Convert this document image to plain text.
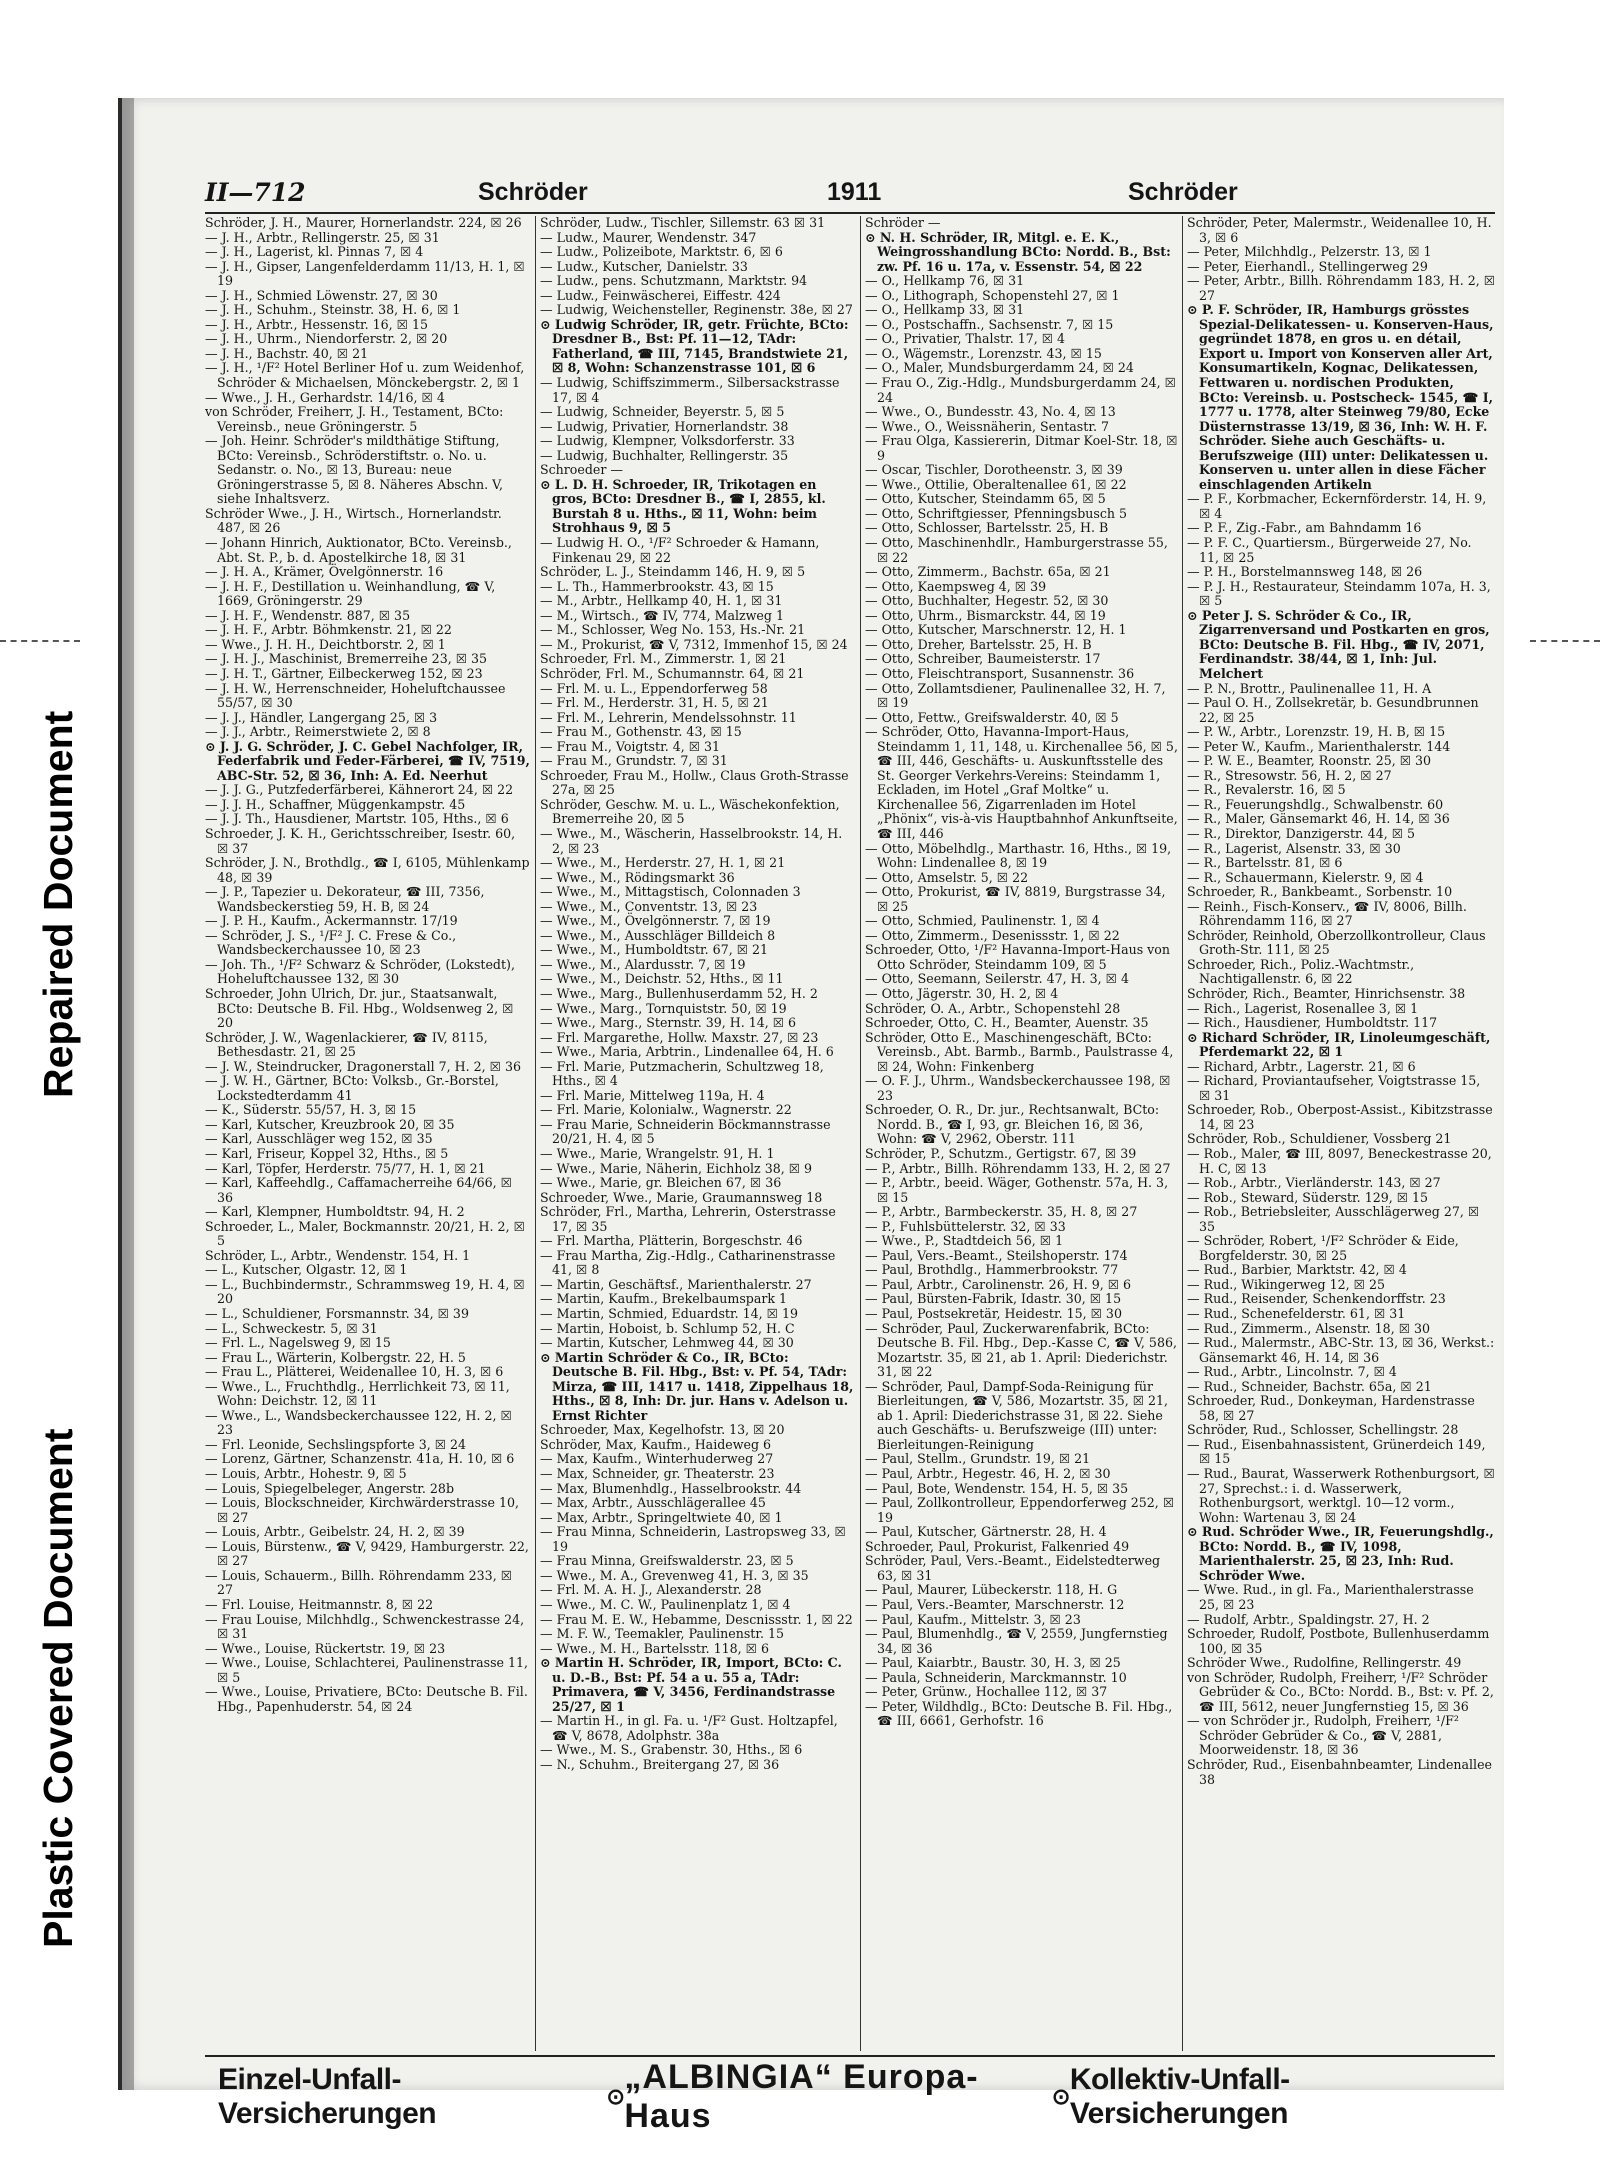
Repaired Document
Plastic Covered Document
II—712	Schröder	1911	Schröder
Schröder, J. H., Maurer, Hornerlandstr. 224, ☒ 26
— J. H., Arbtr., Rellingerstr. 25, ☒ 31
— J. H., Lagerist, kl. Pinnas 7, ☒ 4
— J. H., Gipser, Langenfelderdamm 11/13, H. 1, ☒ 19
— J. H., Schmied Löwenstr. 27, ☒ 30
— J. H., Schuhm., Steinstr. 38, H. 6, ☒ 1
— J. H., Arbtr., Hessenstr. 16, ☒ 15
— J. H., Uhrm., Niendorferstr. 2, ☒ 20
— J. H., Bachstr. 40, ☒ 21
— J. H., ¹/F² Hotel Berliner Hof u. zum Weidenhof, Schröder & Michaelsen, Mönckebergstr. 2, ☒ 1
— Wwe., J. H., Gerhardstr. 14/16, ☒ 4
von Schröder, Freiherr, J. H., Testament, BCto: Vereinsb., neue Gröningerstr. 5
— Joh. Heinr. Schröder's mildthätige Stiftung, BCto: Vereinsb., Schröderstiftstr. o. No. u. Sedanstr. o. No., ☒ 13, Bureau: neue Gröningerstrasse 5, ☒ 8. Näheres Abschn. V, siehe Inhaltsverz.
Schröder Wwe., J. H., Wirtsch., Hornerlandstr. 487, ☒ 26
— Johann Hinrich, Auktionator, BCto. Vereinsb., Abt. St. P., b. d. Apostelkirche 18, ☒ 31
— J. H. A., Krämer, Övelgönnerstr. 16
— J. H. F., Destillation u. Weinhandlung, ☎ V, 1669, Gröningerstr. 29
— J. H. F., Wendenstr. 887, ☒ 35
— J. H. F., Arbtr. Böhmkenstr. 21, ☒ 22
— Wwe., J. H. H., Deichtborstr. 2, ☒ 1
— J. H. J., Maschinist, Bremerreihe 23, ☒ 35
— J. H. T., Gärtner, Eilbeckerweg 152, ☒ 23
— J. H. W., Herrenschneider, Hoheluftchaussee 55/57, ☒ 30
— J. J., Händler, Langergang 25, ☒ 3
— J. J., Arbtr., Reimerstwiete 2, ☒ 8
⊙ J. J. G. Schröder, J. C. Gebel Nachfolger, IR, Federfabrik und Feder-Färberei, ☎ IV, 7519, ABC-Str. 52, ☒ 36, Inh: A. Ed. Neerhut
— J. J. G., Putzfederfärberei, Kähnerort 24, ☒ 22
— J. J. H., Schaffner, Müggenkampstr. 45
— J. J. Th., Hausdiener, Martstr. 105, Hths., ☒ 6
Schroeder, J. K. H., Gerichtsschreiber, Isestr. 60, ☒ 37
Schröder, J. N., Brothdlg., ☎ I, 6105, Mühlenkamp 48, ☒ 39
— J. P., Tapezier u. Dekorateur, ☎ III, 7356, Wandsbeckerstieg 59, H. B, ☒ 24
— J. P. H., Kaufm., Ackermannstr. 17/19
— Schröder, J. S., ¹/F² J. C. Frese & Co., Wandsbeckerchaussee 10, ☒ 23
— Joh. Th., ¹/F² Schwarz & Schröder, (Lokstedt), Hoheluftchaussee 132, ☒ 30
Schroeder, John Ulrich, Dr. jur., Staatsanwalt, BCto: Deutsche B. Fil. Hbg., Woldsenweg 2, ☒ 20
Schröder, J. W., Wagenlackierer, ☎ IV, 8115, Bethesdastr. 21, ☒ 25
— J. W., Steindrucker, Dragonerstall 7, H. 2, ☒ 36
— J. W. H., Gärtner, BCto: Volksb., Gr.-Borstel, Lockstedterdamm 41
— K., Süderstr. 55/57, H. 3, ☒ 15
— Karl, Kutscher, Kreuzbrook 20, ☒ 35
— Karl, Ausschläger weg 152, ☒ 35
— Karl, Friseur, Koppel 32, Hths., ☒ 5
— Karl, Töpfer, Herderstr. 75/77, H. 1, ☒ 21
— Karl, Kaffeehdlg., Caffamacherreihe 64/66, ☒ 36
— Karl, Klempner, Humboldtstr. 94, H. 2
Schroeder, L., Maler, Bockmannstr. 20/21, H. 2, ☒ 5
Schröder, L., Arbtr., Wendenstr. 154, H. 1
— L., Kutscher, Olgastr. 12, ☒ 1
— L., Buchbindermstr., Schrammsweg 19, H. 4, ☒ 20
— L., Schuldiener, Forsmannstr. 34, ☒ 39
— L., Schweckestr. 5, ☒ 31
— Frl. L., Nagelsweg 9, ☒ 15
— Frau L., Wärterin, Kolbergstr. 22, H. 5
— Frau L., Plätterei, Weidenallee 10, H. 3, ☒ 6
— Wwe., L., Fruchthdlg., Herrlichkeit 73, ☒ 11, Wohn: Deichstr. 12, ☒ 11
— Wwe., L., Wandsbeckerchaussee 122, H. 2, ☒ 23
— Frl. Leonide, Sechslingspforte 3, ☒ 24
— Lorenz, Gärtner, Schanzenstr. 41a, H. 10, ☒ 6
— Louis, Arbtr., Hohestr. 9, ☒ 5
— Louis, Spiegelbeleger, Angerstr. 28b
— Louis, Blockschneider, Kirchwärderstrasse 10, ☒ 27
— Louis, Arbtr., Geibelstr. 24, H. 2, ☒ 39
— Louis, Bürstenw., ☎ V, 9429, Hamburgerstr. 22, ☒ 27
— Louis, Schauerm., Billh. Röhrendamm 233, ☒ 27
— Frl. Louise, Heitmannstr. 8, ☒ 22
— Frau Louise, Milchhdlg., Schwenckestrasse 24, ☒ 31
— Wwe., Louise, Rückertstr. 19, ☒ 23
— Wwe., Louise, Schlachterei, Paulinenstrasse 11, ☒ 5
— Wwe., Louise, Privatiere, BCto: Deutsche B. Fil. Hbg., Papenhuderstr. 54, ☒ 24
Schröder, Ludw., Tischler, Sillemstr. 63 ☒ 31
— Ludw., Maurer, Wendenstr. 347
— Ludw., Polizeibote, Marktstr. 6, ☒ 6
— Ludw., Kutscher, Danielstr. 33
— Ludw., pens. Schutzmann, Marktstr. 94
— Ludw., Feinwäscherei, Eiffestr. 424
— Ludwig, Weichensteller, Reginenstr. 38e, ☒ 27
⊙ Ludwig Schröder, IR, getr. Früchte, BCto: Dresdner B., Bst: Pf. 11—12, TAdr: Fatherland, ☎ III, 7145, Brandstwiete 21, ☒ 8, Wohn: Schanzenstrasse 101, ☒ 6
— Ludwig, Schiffszimmerm., Silbersackstrasse 17, ☒ 4
— Ludwig, Schneider, Beyerstr. 5, ☒ 5
— Ludwig, Privatier, Hornerlandstr. 38
— Ludwig, Klempner, Volksdorferstr. 33
— Ludwig, Buchhalter, Rellingerstr. 35
Schroeder —
⊙ L. D. H. Schroeder, IR, Trikotagen en gros, BCto: Dresdner B., ☎ I, 2855, kl. Burstah 8 u. Hths., ☒ 11, Wohn: beim Strohhaus 9, ☒ 5
— Ludwig H. O., ¹/F² Schroeder & Hamann, Finkenau 29, ☒ 22
Schröder, L. J., Steindamm 146, H. 9, ☒ 5
— L. Th., Hammerbrookstr. 43, ☒ 15
— M., Arbtr., Hellkamp 40, H. 1, ☒ 31
— M., Wirtsch., ☎ IV, 774, Malzweg 1
— M., Schlosser, Weg No. 153, Hs.-Nr. 21
— M., Prokurist, ☎ V, 7312, Immenhof 15, ☒ 24
Schroeder, Frl. M., Zimmerstr. 1, ☒ 21
Schröder, Frl. M., Schumannstr. 64, ☒ 21
— Frl. M. u. L., Eppendorferweg 58
— Frl. M., Herderstr. 31, H. 5, ☒ 21
— Frl. M., Lehrerin, Mendelssohnstr. 11
— Frau M., Gothenstr. 43, ☒ 15
— Frau M., Voigtstr. 4, ☒ 31
— Frau M., Grundstr. 7, ☒ 31
Schroeder, Frau M., Hollw., Claus Groth-Strasse 27a, ☒ 25
Schröder, Geschw. M. u. L., Wäschekonfektion, Bremerreihe 20, ☒ 5
— Wwe., M., Wäscherin, Hasselbrookstr. 14, H. 2, ☒ 23
— Wwe., M., Herderstr. 27, H. 1, ☒ 21
— Wwe., M., Rödingsmarkt 36
— Wwe., M., Mittagstisch, Colonnaden 3
— Wwe., M., Conventstr. 13, ☒ 23
— Wwe., M., Övelgönnerstr. 7, ☒ 19
— Wwe., M., Ausschläger Billdeich 8
— Wwe., M., Humboldtstr. 67, ☒ 21
— Wwe., M., Alardusstr. 7, ☒ 19
— Wwe., M., Deichstr. 52, Hths., ☒ 11
— Wwe., Marg., Bullenhuserdamm 52, H. 2
— Wwe., Marg., Tornquiststr. 50, ☒ 19
— Wwe., Marg., Sternstr. 39, H. 14, ☒ 6
— Frl. Margarethe, Hollw. Maxstr. 27, ☒ 23
— Wwe., Maria, Arbtrin., Lindenallee 64, H. 6
— Frl. Marie, Putzmacherin, Schultzweg 18, Hths., ☒ 4
— Frl. Marie, Mittelweg 119a, H. 4
— Frl. Marie, Kolonialw., Wagnerstr. 22
— Frau Marie, Schneiderin Böckmannstrasse 20/21, H. 4, ☒ 5
— Wwe., Marie, Wrangelstr. 91, H. 1
— Wwe., Marie, Näherin, Eichholz 38, ☒ 9
— Wwe., Marie, gr. Bleichen 67, ☒ 36
Schroeder, Wwe., Marie, Graumannsweg 18
Schröder, Frl., Martha, Lehrerin, Osterstrasse 17, ☒ 35
— Frl. Martha, Plätterin, Borgeschstr. 46
— Frau Martha, Zig.-Hdlg., Catharinenstrasse 41, ☒ 8
— Martin, Geschäftsf., Marienthalerstr. 27
— Martin, Kaufm., Brekelbaumspark 1
— Martin, Schmied, Eduardstr. 14, ☒ 19
— Martin, Hoboist, b. Schlump 52, H. C
— Martin, Kutscher, Lehmweg 44, ☒ 30
⊙ Martin Schröder & Co., IR, BCto: Deutsche B. Fil. Hbg., Bst: v. Pf. 54, TAdr: Mirza, ☎ III, 1417 u. 1418, Zippelhaus 18, Hths., ☒ 8, Inh: Dr. jur. Hans v. Adelson u. Ernst Richter
Schroeder, Max, Kegelhofstr. 13, ☒ 20
Schröder, Max, Kaufm., Haideweg 6
— Max, Kaufm., Winterhuderweg 27
— Max, Schneider, gr. Theaterstr. 23
— Max, Blumenhdlg., Hasselbrookstr. 44
— Max, Arbtr., Ausschlägerallee 45
— Max, Arbtr., Springeltwiete 40, ☒ 1
— Frau Minna, Schneiderin, Lastropsweg 33, ☒ 19
— Frau Minna, Greifswalderstr. 23, ☒ 5
— Wwe., M. A., Grevenweg 41, H. 3, ☒ 35
— Frl. M. A. H. J., Alexanderstr. 28
— Wwe., M. C. W., Paulinenplatz 1, ☒ 4
— Frau M. E. W., Hebamme, Descnissstr. 1, ☒ 22
— M. F. W., Teemakler, Paulinenstr. 15
— Wwe., M. H., Bartelsstr. 118, ☒ 6
⊙ Martin H. Schröder, IR, Import, BCto: C. u. D.-B., Bst: Pf. 54 a u. 55 a, TAdr: Primavera, ☎ V, 3456, Ferdinandstrasse 25/27, ☒ 1
— Martin H., in gl. Fa. u. ¹/F² Gust. Holtzapfel, ☎ V, 8678, Adolphstr. 38a
— Wwe., M. S., Grabenstr. 30, Hths., ☒ 6
— N., Schuhm., Breitergang 27, ☒ 36
Schröder —
⊙ N. H. Schröder, IR, Mitgl. e. E. K., Weingrosshandlung BCto: Nordd. B., Bst: zw. Pf. 16 u. 17a, v. Essenstr. 54, ☒ 22
— O., Hellkamp 76, ☒ 31
— O., Lithograph, Schopenstehl 27, ☒ 1
— O., Hellkamp 33, ☒ 31
— O., Postschaffn., Sachsenstr. 7, ☒ 15
— O., Privatier, Thalstr. 17, ☒ 4
— O., Wägemstr., Lorenzstr. 43, ☒ 15
— O., Maler, Mundsburgerdamm 24, ☒ 24
— Frau O., Zig.-Hdlg., Mundsburgerdamm 24, ☒ 24
— Wwe., O., Bundesstr. 43, No. 4, ☒ 13
— Wwe., O., Weissnäherin, Sentastr. 7
— Frau Olga, Kassiererin, Ditmar Koel-Str. 18, ☒ 9
— Oscar, Tischler, Dorotheenstr. 3, ☒ 39
— Wwe., Ottilie, Oberaltenallee 61, ☒ 22
— Otto, Kutscher, Steindamm 65, ☒ 5
— Otto, Schriftgiesser, Pfenningsbusch 5
— Otto, Schlosser, Bartelsstr. 25, H. B
— Otto, Maschinenhdlr., Hamburgerstrasse 55, ☒ 22
— Otto, Zimmerm., Bachstr. 65a, ☒ 21
— Otto, Kaempsweg 4, ☒ 39
— Otto, Buchhalter, Hegestr. 52, ☒ 30
— Otto, Uhrm., Bismarckstr. 44, ☒ 19
— Otto, Kutscher, Marschnerstr. 12, H. 1
— Otto, Dreher, Bartelsstr. 25, H. B
— Otto, Schreiber, Baumeisterstr. 17
— Otto, Fleischtransport, Susannenstr. 36
— Otto, Zollamtsdiener, Paulinenallee 32, H. 7, ☒ 19
— Otto, Fettw., Greifswalderstr. 40, ☒ 5
— Schröder, Otto, Havanna-Import-Haus, Steindamm 1, 11, 148, u. Kirchenallee 56, ☒ 5, ☎ III, 446, Geschäfts- u. Auskunftsstelle des St. Georger Verkehrs-Vereins: Steindamm 1, Eckladen, im Hotel „Graf Moltke“ u. Kirchenallee 56, Zigarrenladen im Hotel „Phönix“, vis-à-vis Hauptbahnhof Ankunftseite, ☎ III, 446
— Otto, Möbelhdlg., Marthastr. 16, Hths., ☒ 19, Wohn: Lindenallee 8, ☒ 19
— Otto, Amselstr. 5, ☒ 22
— Otto, Prokurist, ☎ IV, 8819, Burgstrasse 34, ☒ 25
— Otto, Schmied, Paulinenstr. 1, ☒ 4
— Otto, Zimmerm., Desenissstr. 1, ☒ 22
Schroeder, Otto, ¹/F² Havanna-Import-Haus von Otto Schröder, Steindamm 109, ☒ 5
— Otto, Seemann, Seilerstr. 47, H. 3, ☒ 4
— Otto, Jägerstr. 30, H. 2, ☒ 4
Schröder, O. A., Arbtr., Schopenstehl 28
Schroeder, Otto, C. H., Beamter, Auenstr. 35
Schröder, Otto E., Maschinengeschäft, BCto: Vereinsb., Abt. Barmb., Barmb., Paulstrasse 4, ☒ 24, Wohn: Finkenberg
— O. F. J., Uhrm., Wandsbeckerchaussee 198, ☒ 23
Schroeder, O. R., Dr. jur., Rechtsanwalt, BCto: Nordd. B., ☎ I, 93, gr. Bleichen 16, ☒ 36, Wohn: ☎ V, 2962, Oberstr. 111
Schröder, P., Schutzm., Gertigstr. 67, ☒ 39
— P., Arbtr., Billh. Röhrendamm 133, H. 2, ☒ 27
— P., Arbtr., beeid. Wäger, Gothenstr. 57a, H. 3, ☒ 15
— P., Arbtr., Barmbeckerstr. 35, H. 8, ☒ 27
— P., Fuhlsbüttelerstr. 32, ☒ 33
— Wwe., P., Stadtdeich 56, ☒ 1
— Paul, Vers.-Beamt., Steilshoperstr. 174
— Paul, Brothdlg., Hammerbrookstr. 77
— Paul, Arbtr., Carolinenstr. 26, H. 9, ☒ 6
— Paul, Bürsten-Fabrik, Idastr. 30, ☒ 15
— Paul, Postsekretär, Heidestr. 15, ☒ 30
— Schröder, Paul, Zuckerwarenfabrik, BCto: Deutsche B. Fil. Hbg., Dep.-Kasse C, ☎ V, 586, Mozartstr. 35, ☒ 21, ab 1. April: Diederichstr. 31, ☒ 22
— Schröder, Paul, Dampf-Soda-Reinigung für Bierleitungen, ☎ V, 586, Mozartstr. 35, ☒ 21, ab 1. April: Diederichstrasse 31, ☒ 22. Siehe auch Geschäfts- u. Berufszweige (III) unter: Bierleitungen-Reinigung
— Paul, Stellm., Grundstr. 19, ☒ 21
— Paul, Arbtr., Hegestr. 46, H. 2, ☒ 30
— Paul, Bote, Wendenstr. 154, H. 5, ☒ 35
— Paul, Zollkontrolleur, Eppendorferweg 252, ☒ 19
— Paul, Kutscher, Gärtnerstr. 28, H. 4
Schroeder, Paul, Prokurist, Falkenried 49
Schröder, Paul, Vers.-Beamt., Eidelstedterweg 63, ☒ 31
— Paul, Maurer, Lübeckerstr. 118, H. G
— Paul, Vers.-Beamter, Marschnerstr. 12
— Paul, Kaufm., Mittelstr. 3, ☒ 23
— Paul, Blumenhdlg., ☎ V, 2559, Jungfernstieg 34, ☒ 36
— Paul, Kaiarbtr., Baustr. 30, H. 3, ☒ 25
— Paula, Schneiderin, Marckmannstr. 10
— Peter, Grünw., Hochallee 112, ☒ 37
— Peter, Wildhdlg., BCto: Deutsche B. Fil. Hbg., ☎ III, 6661, Gerhofstr. 16
Schröder, Peter, Malermstr., Weidenallee 10, H. 3, ☒ 6
— Peter, Milchhdlg., Pelzerstr. 13, ☒ 1
— Peter, Eierhandl., Stellingerweg 29
— Peter, Arbtr., Billh. Röhrendamm 183, H. 2, ☒ 27
⊙ P. F. Schröder, IR, Hamburgs grösstes Spezial-Delikatessen- u. Konserven-Haus, gegründet 1878, en gros u. en détail, Export u. Import von Konserven aller Art, Konsumartikeln, Kognac, Delikatessen, Fettwaren u. nordischen Produkten, BCto: Vereinsb. u. Postscheck- 1545, ☎ I, 1777 u. 1778, alter Steinweg 79/80, Ecke Düsternstrasse 13/19, ☒ 36, Inh: W. H. F. Schröder. Siehe auch Geschäfts- u. Berufszweige (III) unter: Delikatessen u. Konserven u. unter allen in diese Fächer einschlagenden Artikeln
— P. F., Korbmacher, Eckernförderstr. 14, H. 9, ☒ 4
— P. F., Zig.-Fabr., am Bahndamm 16
— P. F. C., Quartiersm., Bürgerweide 27, No. 11, ☒ 25
— P. H., Borstelmannsweg 148, ☒ 26
— P. J. H., Restaurateur, Steindamm 107a, H. 3, ☒ 5
⊙ Peter J. S. Schröder & Co., IR, Zigarrenversand und Postkarten en gros, BCto: Deutsche B. Fil. Hbg., ☎ IV, 2071, Ferdinandstr. 38/44, ☒ 1, Inh: Jul. Melchert
— P. N., Brottr., Paulinenallee 11, H. A
— Paul O. H., Zollsekretär, b. Gesundbrunnen 22, ☒ 25
— P. W., Arbtr., Lorenzstr. 19, H. B, ☒ 15
— Peter W., Kaufm., Marienthalerstr. 144
— P. W. E., Beamter, Roonstr. 25, ☒ 30
— R., Stresowstr. 56, H. 2, ☒ 27
— R., Revalerstr. 16, ☒ 5
— R., Feuerungshdlg., Schwalbenstr. 60
— R., Maler, Gänsemarkt 46, H. 14, ☒ 36
— R., Direktor, Danzigerstr. 44, ☒ 5
— R., Lagerist, Alsenstr. 33, ☒ 30
— R., Bartelsstr. 81, ☒ 6
— R., Schauermann, Kielerstr. 9, ☒ 4
Schroeder, R., Bankbeamt., Sorbenstr. 10
— Reinh., Fisch-Konserv., ☎ IV, 8006, Billh. Röhrendamm 116, ☒ 27
Schröder, Reinhold, Oberzollkontrolleur, Claus Groth-Str. 111, ☒ 25
Schroeder, Rich., Poliz.-Wachtmstr., Nachtigallenstr. 6, ☒ 22
Schröder, Rich., Beamter, Hinrichsenstr. 38
— Rich., Lagerist, Rosenallee 3, ☒ 1
— Rich., Hausdiener, Humboldtstr. 117
⊙ Richard Schröder, IR, Linoleumgeschäft, Pferdemarkt 22, ☒ 1
— Richard, Arbtr., Lagerstr. 21, ☒ 6
— Richard, Proviantaufseher, Voigtstrasse 15, ☒ 31
Schroeder, Rob., Oberpost-Assist., Kibitzstrasse 14, ☒ 23
Schröder, Rob., Schuldiener, Vossberg 21
— Rob., Maler, ☎ III, 8097, Beneckestrasse 20, H. C, ☒ 13
— Rob., Arbtr., Vierländerstr. 143, ☒ 27
— Rob., Steward, Süderstr. 129, ☒ 15
— Rob., Betriebsleiter, Ausschlägerweg 27, ☒ 35
— Schröder, Robert, ¹/F² Schröder & Eide, Borgfelderstr. 30, ☒ 25
— Rud., Barbier, Marktstr. 42, ☒ 4
— Rud., Wikingerweg 12, ☒ 25
— Rud., Reisender, Schenkendorffstr. 23
— Rud., Schenefelderstr. 61, ☒ 31
— Rud., Zimmerm., Alsenstr. 18, ☒ 30
— Rud., Malermstr., ABC-Str. 13, ☒ 36, Werkst.: Gänsemarkt 46, H. 14, ☒ 36
— Rud., Arbtr., Lincolnstr. 7, ☒ 4
— Rud., Schneider, Bachstr. 65a, ☒ 21
Schroeder, Rud., Donkeyman, Hardenstrasse 58, ☒ 27
Schröder, Rud., Schlosser, Schellingstr. 28
— Rud., Eisenbahnassistent, Grünerdeich 149, ☒ 15
— Rud., Baurat, Wasserwerk Rothenburgsort, ☒ 27, Sprechst.: i. d. Wasserwerk, Rothenburgsort, werktgl. 10—12 vorm., Wohn: Wartenau 3, ☒ 24
⊙ Rud. Schröder Wwe., IR, Feuerungshdlg., BCto: Nordd. B., ☎ IV, 1098, Marienthalerstr. 25, ☒ 23, Inh: Rud. Schröder Wwe.
— Wwe. Rud., in gl. Fa., Marienthalerstrasse 25, ☒ 23
— Rudolf, Arbtr., Spaldingstr. 27, H. 2
Schroeder, Rudolf, Postbote, Bullenhuserdamm 100, ☒ 35
Schröder Wwe., Rudolfine, Rellingerstr. 49
von Schröder, Rudolph, Freiherr, ¹/F² Schröder Gebrüder & Co., BCto: Nordd. B., Bst: v. Pf. 2, ☎ III, 5612, neuer Jungfernstieg 15, ☒ 36
— von Schröder jr., Rudolph, Freiherr, ¹/F² Schröder Gebrüder & Co., ☎ V, 2881, Moorweidenstr. 18, ☒ 36
Schröder, Rud., Eisenbahnbeamter, Lindenallee 38
Einzel-Unfall-Versicherungen
⊙
„ALBINGIA“ Europa-Haus
⊙
Kollektiv-Unfall-Versicherungen
